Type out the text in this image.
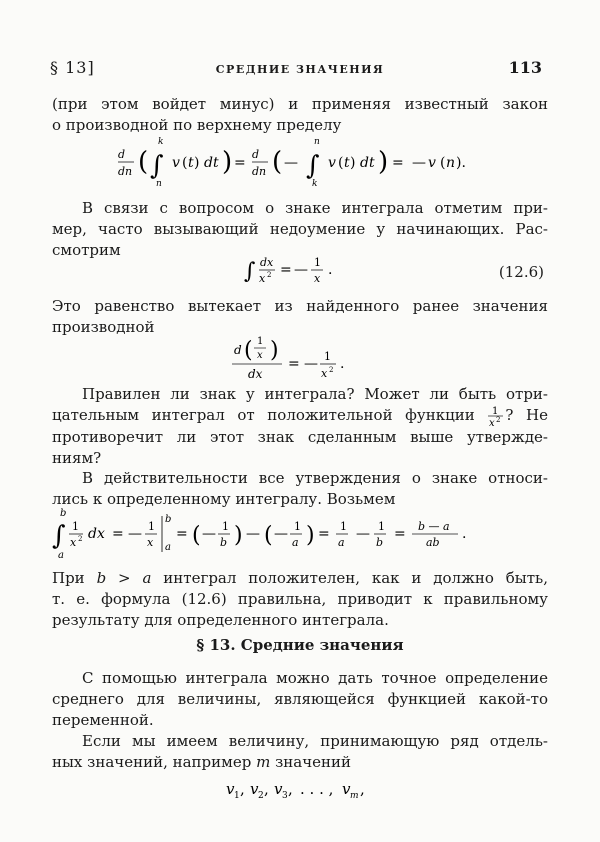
§ 13]	СРЕДНИЕ ЗНАЧЕНИЯ	113
(при этом войдет минус) и применяя известный закон
о производной по верхнему пределу
d
dn (
k
∫
n
v ( t ) dt ) =
d
dn ( —
n
∫
k
v ( t ) dt ) = — v ( n ).
В связи с вопросом о знаке интеграла отметим при-
мер, часто вызывающий недоумение у начинающих. Рас-
смотрим
∫ dx
x 2 = — 1
x
.	(12.6)
Это равенство вытекает из найденного ранее значения
производной
d ( 1
x )
dx
= — 1
x 2 .
Правилен ли знак у интеграла? Может ли быть отри-
цательным интеграл от положительной функции 1
x 2 ? Не
противоречит ли этот знак сделанным выше утвержде-
ниям?
В действительности все утверждения о знаке относи-
лись к определенному интегралу. Возьмем
b
∫
a
1
x 2 dx = — 1
x
b
a
= ( — 1
b ) — ( — 1
a ) = 1
a
— 1
b
= b — a
ab
.
При b > a интеграл положителен, как и должно быть,
т. е. формула (12.6) правильна, приводит к правильному
результату для определенного интеграла.
§ 13. Средние значения
С помощью интеграла можно дать точное определение
среднего для величины, являющейся функцией какой-то
переменной.
Если мы имеем величину, принимающую ряд отдель-
ных значений, например m значений
v 1 , v 2 , v 3 , . . . , v m ,
